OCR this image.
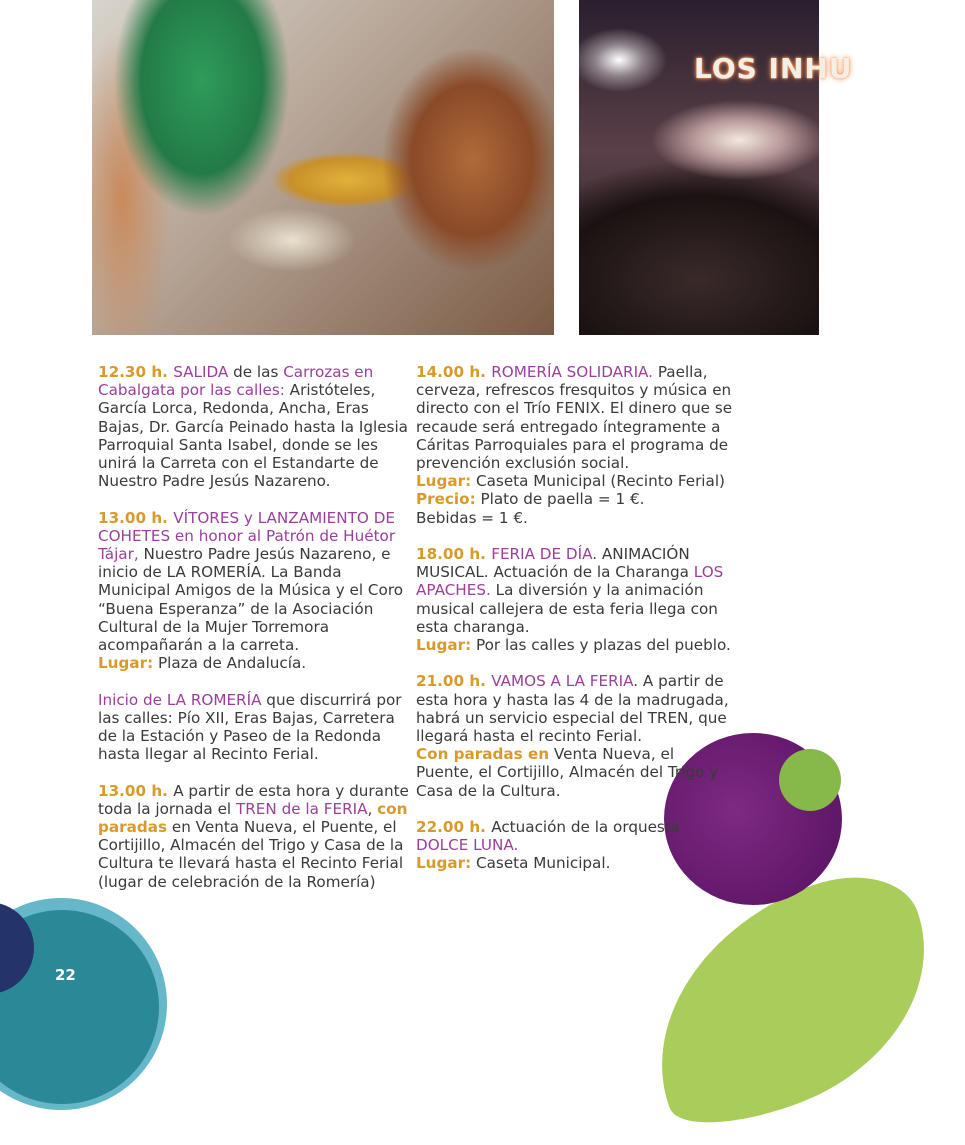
LOS INHU

12.30 h. SALIDA de las Carrozas en Cabalgata por las calles: Aristóteles, García Lorca, Redonda, Ancha, Eras Bajas, Dr. García Peinado hasta la Iglesia Parroquial Santa Isabel, donde se les unirá la Carreta con el Estandarte de Nuestro Padre Jesús Nazareno.

13.00 h. VÍTORES y LANZAMIENTO DE COHETES en honor al Patrón de Huétor Tájar, Nuestro Padre Jesús Nazareno, e inicio de LA ROMERÍA. La Banda Municipal Amigos de la Música y el Coro “Buena Esperanza” de la Asociación Cultural de la Mujer Torremora acompañarán a la carreta.
Lugar: Plaza de Andalucía.

Inicio de LA ROMERÍA que discurrirá por las calles: Pío XII, Eras Bajas, Carretera de la Estación y Paseo de la Redonda hasta llegar al Recinto Ferial.

13.00 h. A partir de esta hora y durante toda la jornada el TREN de la FERIA, con paradas en Venta Nueva, el Puente, el Cortijillo, Almacén del Trigo y Casa de la Cultura te llevará hasta el Recinto Ferial (lugar de celebración de la Romería)

14.00 h. ROMERÍA SOLIDARIA. Paella, cerveza, refrescos fresquitos y música en directo con el Trío FENIX. El dinero que se recaude será entregado íntegramente a Cáritas Parroquiales para el programa de prevención exclusión social.
Lugar: Caseta Municipal (Recinto Ferial)
Precio: Plato de paella = 1 €.
Bebidas = 1 €.

18.00 h. FERIA DE DÍA. ANIMACIÓN MUSICAL. Actuación de la Charanga LOS APACHES. La diversión y la animación musical callejera de esta feria llega con esta charanga.
Lugar: Por las calles y plazas del pueblo.

21.00 h. VAMOS A LA FERIA. A partir de esta hora y hasta las 4 de la madrugada, habrá un servicio especial del TREN, que llegará hasta el recinto Ferial.
Con paradas en Venta Nueva, el Puente, el Cortijillo, Almacén del Trigo y Casa de la Cultura.

22.00 h. Actuación de la orquesta DOLCE LUNA.
Lugar: Caseta Municipal.

22
